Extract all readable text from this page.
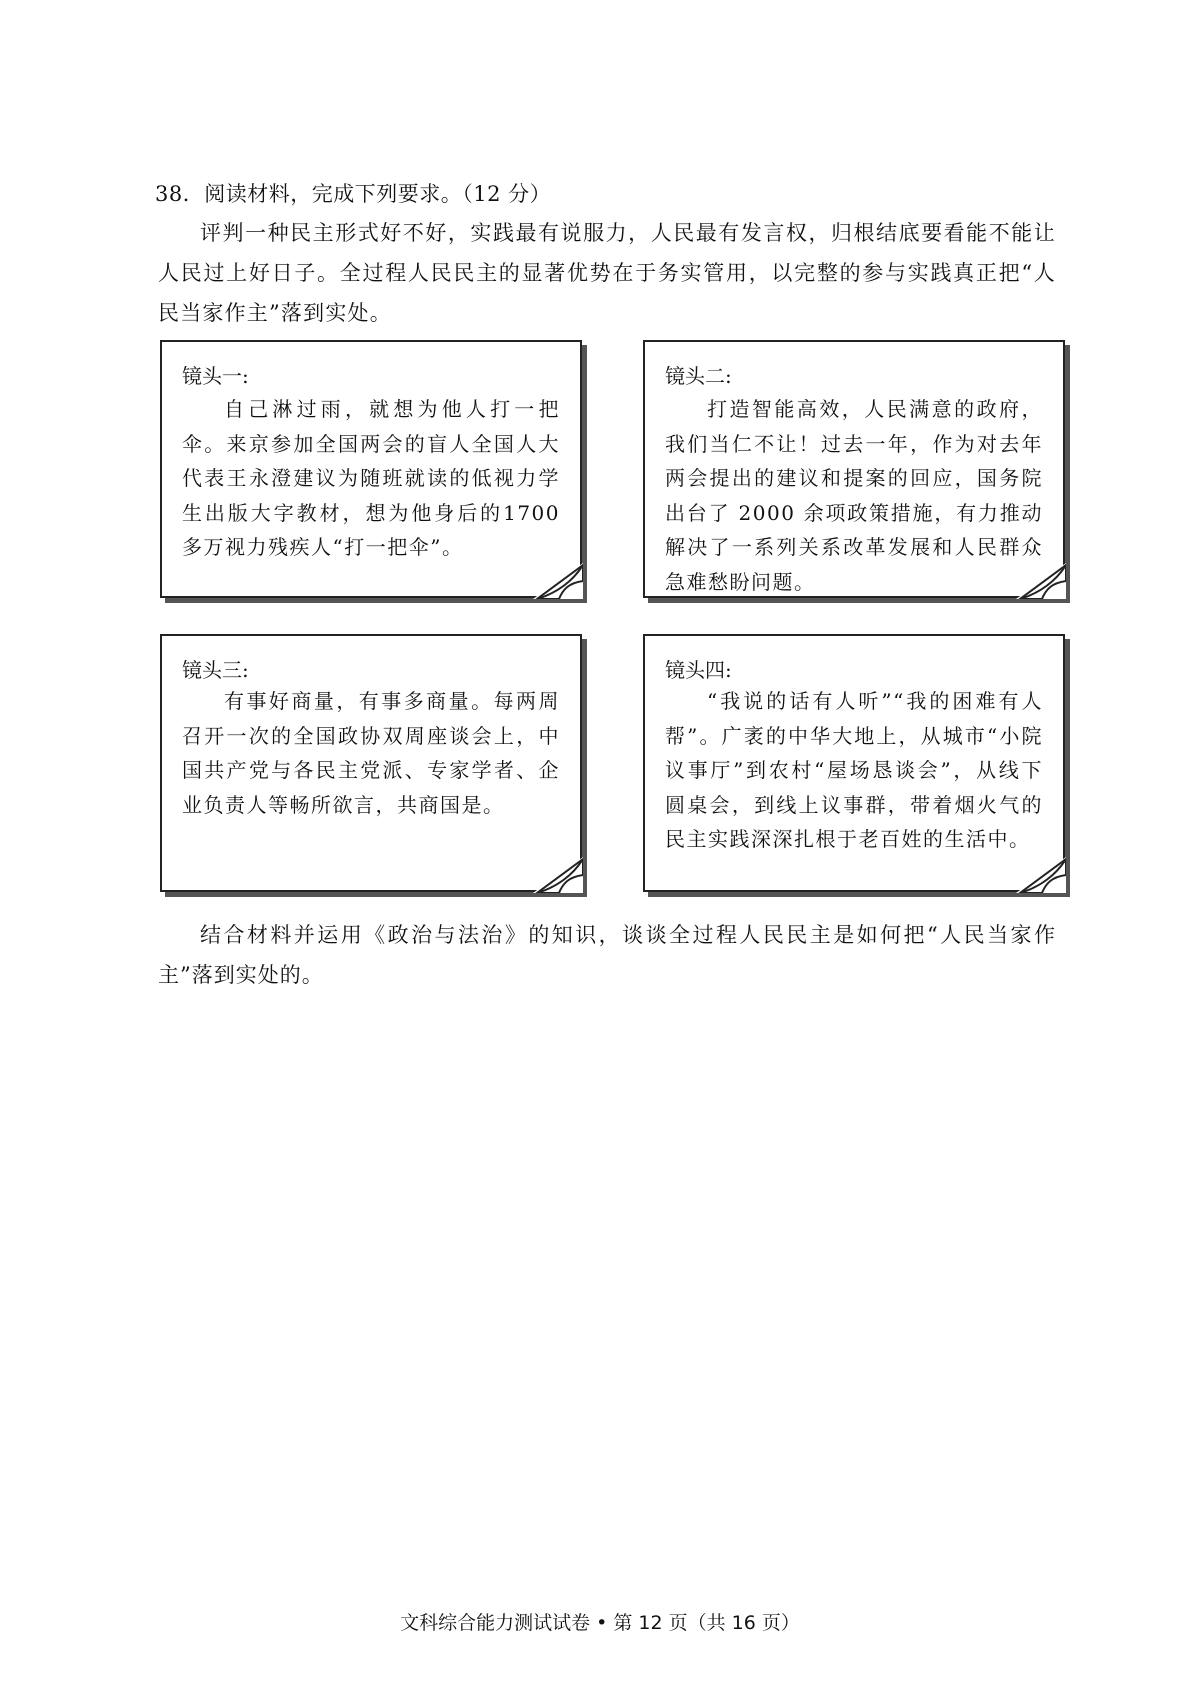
38．阅读材料，完成下列要求。（12 分）
评判一种民主形式好不好，实践最有说服力，人民最有发言权，归根结底要看能不能让人民过上好日子。全过程人民民主的显著优势在于务实管用，以完整的参与实践真正把“人民当家作主”落到实处。
镜头一:
自己淋过雨，就想为他人打一把伞。来京参加全国两会的盲人全国人大代表王永澄建议为随班就读的低视力学生出版大字教材，想为他身后的1700多万视力残疾人“打一把伞”。
镜头二:
打造智能高效，人民满意的政府，我们当仁不让！过去一年，作为对去年两会提出的建议和提案的回应，国务院出台了 2000 余项政策措施，有力推动解决了一系列关系改革发展和人民群众急难愁盼问题。
镜头三:
有事好商量，有事多商量。每两周召开一次的全国政协双周座谈会上，中国共产党与各民主党派、专家学者、企业负责人等畅所欲言，共商国是。
镜头四:
“我说的话有人听”“我的困难有人帮”。广袤的中华大地上，从城市“小院议事厅”到农村“屋场恳谈会”，从线下圆桌会，到线上议事群，带着烟火气的民主实践深深扎根于老百姓的生活中。
结合材料并运用《政治与法治》的知识，谈谈全过程人民民主是如何把“人民当家作主”落到实处的。
文科综合能力测试试卷 • 第 12 页（共 16 页）
